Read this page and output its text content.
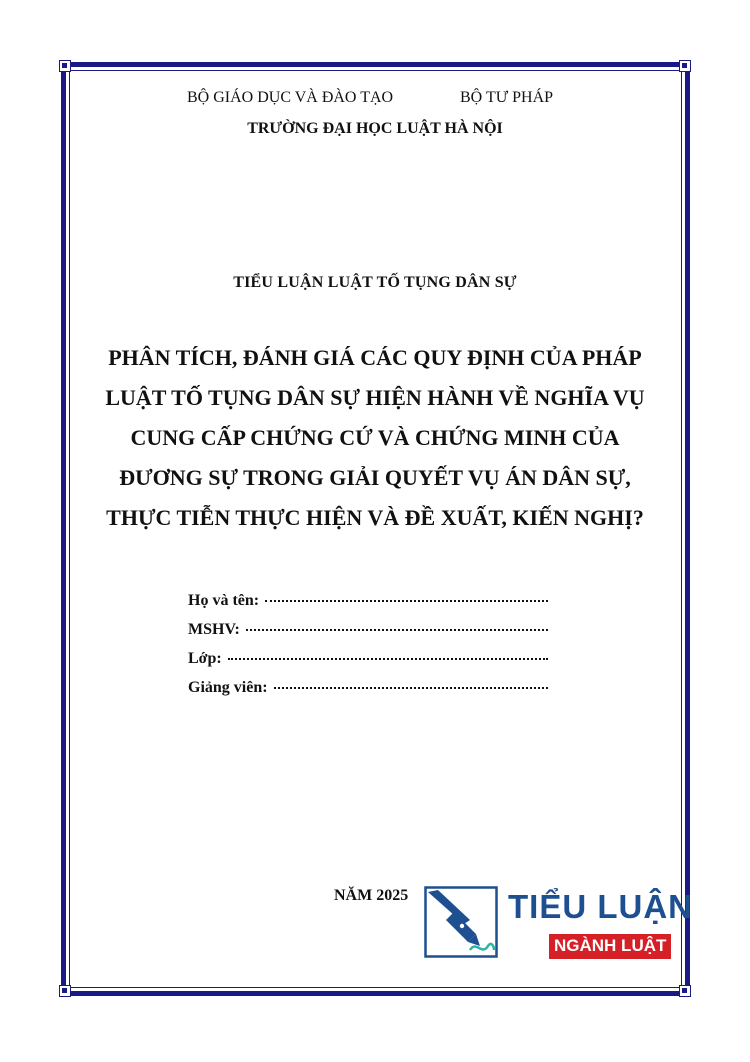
BỘ GIÁO DỤC VÀ ĐÀO TẠO	BỘ TƯ PHÁP
TRƯỜNG ĐẠI HỌC LUẬT HÀ NỘI
TIỂU LUẬN LUẬT TỐ TỤNG DÂN SỰ
PHÂN TÍCH, ĐÁNH GIÁ CÁC QUY ĐỊNH CỦA PHÁP
LUẬT TỐ TỤNG DÂN SỰ HIỆN HÀNH VỀ NGHĨA VỤ
CUNG CẤP CHỨNG CỨ VÀ CHỨNG MINH CỦA
ĐƯƠNG SỰ TRONG GIẢI QUYẾT VỤ ÁN DÂN SỰ,
THỰC TIỄN THỰC HIỆN VÀ ĐỀ XUẤT, KIẾN NGHỊ?
Họ và tên:
MSHV:
Lớp:
Giảng viên:
NĂM 2025	TIỂU LUẬN
NGÀNH LUẬT
